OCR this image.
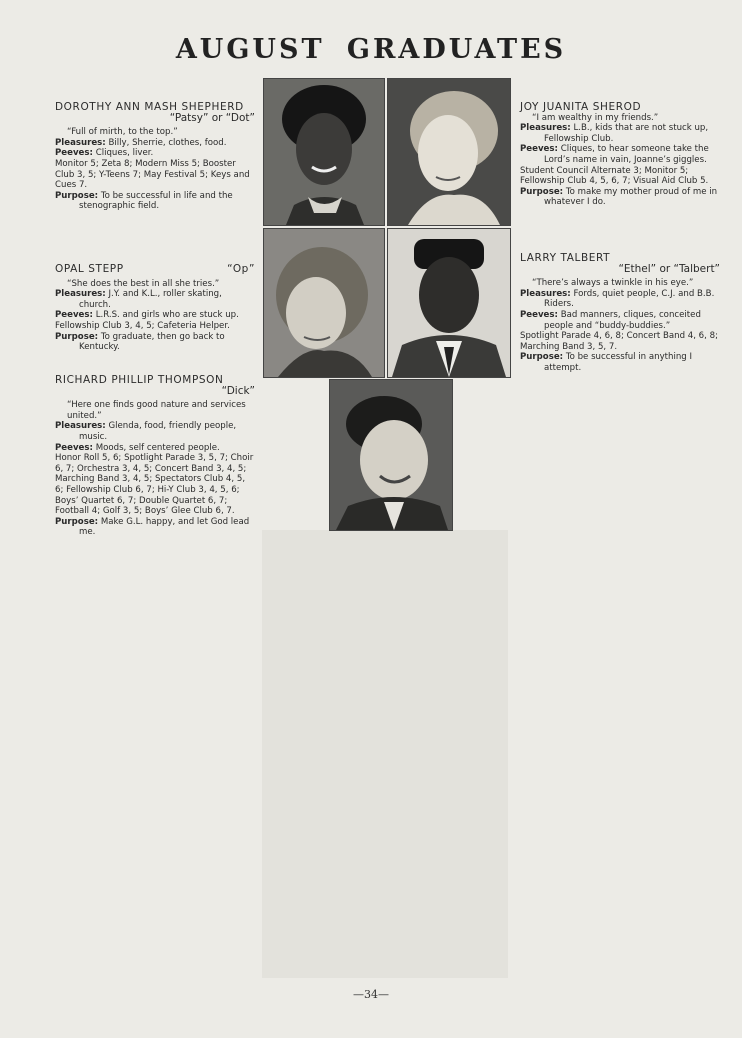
AUGUST GRADUATES
DOROTHY ANN MASH SHEPHERD
“Patsy” or “Dot”
“Full of mirth, to the top.”
Pleasures: Billy, Sherrie, clothes, food.
Peeves: Cliques, liver.
Monitor 5; Zeta 8; Modern Miss 5; Booster Club 3, 5; Y-Teens 7; May Festival 5; Keys and Cues 7.
Purpose: To be successful in life and the stenographic field.
JOY JUANITA SHEROD
“I am wealthy in my friends.”
Pleasures: L.B., kids that are not stuck up, Fellowship Club.
Peeves: Cliques, to hear someone take the Lord’s name in vain, Joanne’s giggles.
Student Council Alternate 3; Monitor 5; Fellowship Club 4, 5, 6, 7; Visual Aid Club 5.
Purpose: To make my mother proud of me in whatever I do.
OPAL STEPP	“Op”
“She does the best in all she tries.”
Pleasures: J.Y. and K.L., roller skating, church.
Peeves: L.R.S. and girls who are stuck up.
Fellowship Club 3, 4, 5; Cafeteria Helper.
Purpose: To graduate, then go back to Kentucky.
LARRY TALBERT
“Ethel” or “Talbert”
“There’s always a twinkle in his eye.”
Pleasures: Fords, quiet people, C.J. and B.B. Riders.
Peeves: Bad manners, cliques, conceited people and “buddy-buddies.”
Spotlight Parade 4, 6, 8; Concert Band 4, 6, 8; Marching Band 3, 5, 7.
Purpose: To be successful in anything I attempt.
RICHARD PHILLIP THOMPSON
“Dick”
“Here one finds good nature and services united.”
Pleasures: Glenda, food, friendly people, music.
Peeves: Moods, self centered people.
Honor Roll 5, 6; Spotlight Parade 3, 5, 7; Choir 6, 7; Orchestra 3, 4, 5; Concert Band 3, 4, 5; Marching Band 3, 4, 5; Spectators Club 4, 5, 6; Fellowship Club 6, 7; Hi-Y Club 3, 4, 5, 6; Boys’ Quartet 6, 7; Double Quartet 6, 7; Football 4; Golf 3, 5; Boys’ Glee Club 6, 7.
Purpose: Make G.L. happy, and let God lead me.
—34—
